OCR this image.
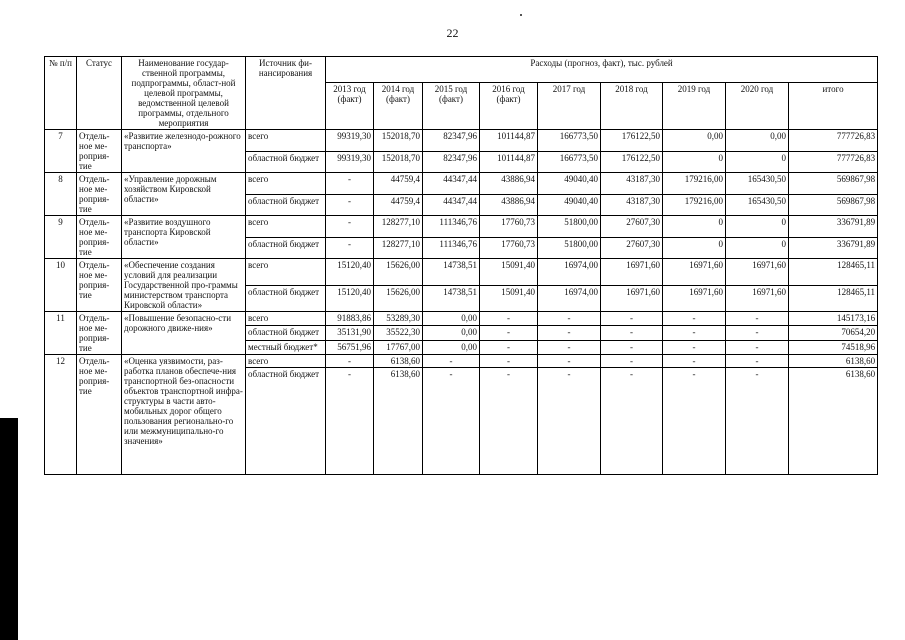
22
№ п/п	Статус	Наименование государ-ственной программы, подпрограммы, област-ной целевой программы, ведомственной целевой программы, отдельного мероприятия	Источник фи-нансирования	Расходы (прогноз, факт), тыс. рублей								
				2013 год (факт)	2014 год (факт)	2015 год (факт)	2016 год (факт)	2017 год	2018 год	2019 год	2020 год	итого
7	Отдель-ное ме-роприя-тие	«Развитие железнодо-рожного транспорта»	всего	99319,30	152018,70	82347,96	101144,87	166773,50	176122,50	0,00	0,00	777726,83
			областной бюджет	99319,30	152018,70	82347,96	101144,87	166773,50	176122,50	0	0	777726,83
8	Отдель-ное ме-роприя-тие	«Управление дорожным хозяйством Кировской области»	всего	-	44759,4	44347,44	43886,94	49040,40	43187,30	179216,00	165430,50	569867,98
			областной бюджет	-	44759,4	44347,44	43886,94	49040,40	43187,30	179216,00	165430,50	569867,98
9	Отдель-ное ме-роприя-тие	«Развитие воздушного транспорта Кировской области»	всего	-	128277,10	111346,76	17760,73	51800,00	27607,30	0	0	336791,89
			областной бюджет	-	128277,10	111346,76	17760,73	51800,00	27607,30	0	0	336791,89
10	Отдель-ное ме-роприя-тие	«Обеспечение создания условий для реализации Государственной про-граммы министерством транспорта Кировской области»	всего	15120,40	15626,00	14738,51	15091,40	16974,00	16971,60	16971,60	16971,60	128465,11
			областной бюджет	15120,40	15626,00	14738,51	15091,40	16974,00	16971,60	16971,60	16971,60	128465,11
11	Отдель-ное ме-роприя-тие	«Повышение безопасно-сти дорожного движе-ния»	всего	91883,86	53289,30	0,00	-	-	-	-	-	145173,16
			областной бюджет	35131,90	35522,30	0,00	-	-	-	-	-	70654,20
			местный бюджет*	56751,96	17767,00	0,00	-	-	-	-	-	74518,96
12	Отдель-ное ме-роприя-тие	«Оценка уязвимости, раз-работка планов обеспече-ния транспортной без-опасности объектов транспортной инфра-структуры в части авто-мобильных дорог общего пользования регионально-го или межмуниципально-го значения»	всего	-	6138,60	-	-	-	-	-	-	6138,60
			областной бюджет	-	6138,60	-	-	-	-	-	-	6138,60
